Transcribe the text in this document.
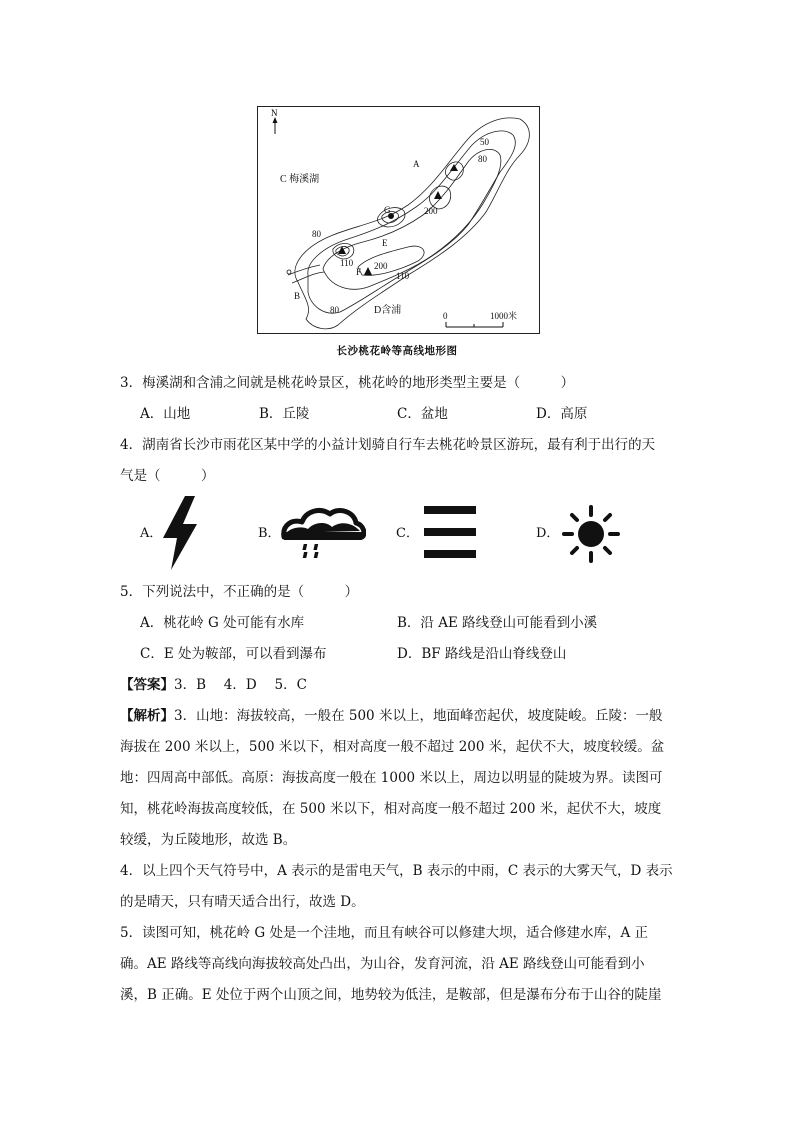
N
C 梅溪湖
D含浦
A
B
E
F
G
50
80
200
80
110 200
110
80
0	1000米
长沙桃花岭等高线地形图
3．梅溪湖和含浦之间就是桃花岭景区，桃花岭的地形类型主要是（　　　）
A．山地	B．丘陵	C．盆地	D．高原
4．湖南省长沙市雨花区某中学的小益计划骑自行车去桃花岭景区游玩，最有利于出行的天
气是（　　　）
A．	B．	C．	D．
5．下列说法中，不正确的是（　　　）
A．桃花岭 G 处可能有水库	B．沿 AE 路线登山可能看到小溪
C．E 处为鞍部，可以看到瀑布	D．BF 路线是沿山脊线登山
【答案】3．B　 4．D　 5．C
【解析】3．山地：海拔较高，一般在 500 米以上，地面峰峦起伏，坡度陡峻。丘陵：一般
海拔在 200 米以上，500 米以下，相对高度一般不超过 200 米，起伏不大，坡度较缓。盆
地：四周高中部低。高原：海拔高度一般在 1000 米以上，周边以明显的陡坡为界。读图可
知，桃花岭海拔高度较低，在 500 米以下，相对高度一般不超过 200 米，起伏不大，坡度
较缓，为丘陵地形，故选 B。
4．以上四个天气符号中，A 表示的是雷电天气，B 表示的中雨，C 表示的大雾天气，D 表示
的是晴天，只有晴天适合出行，故选 D。
5．读图可知，桃花岭 G 处是一个洼地，而且有峡谷可以修建大坝，适合修建水库，A 正
确。AE 路线等高线向海拔较高处凸出，为山谷，发育河流，沿 AE 路线登山可能看到小
溪，B 正确。E 处位于两个山顶之间，地势较为低洼，是鞍部，但是瀑布分布于山谷的陡崖
